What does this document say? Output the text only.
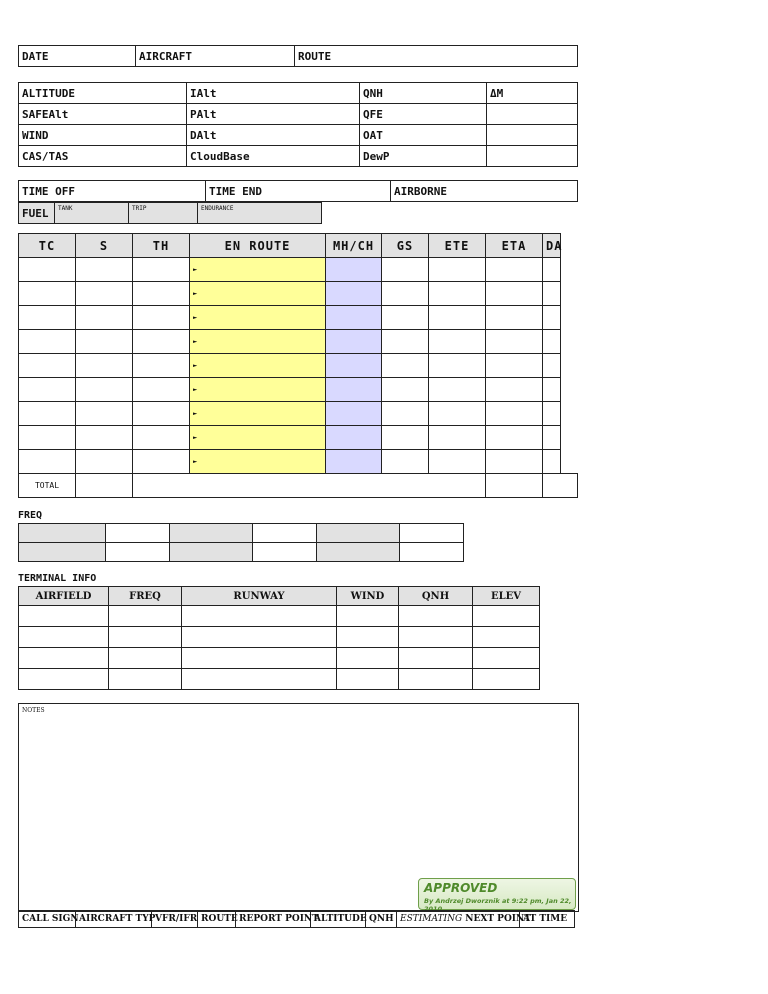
DATE	AIRCRAFT	ROUTE
ALTITUDE	IAlt	QNH	ΔM
SAFEAlt	PAlt	QFE	
WIND	DAlt	OAT	
CAS/TAS	CloudBase	DewP	
TIME OFF	TIME END	AIRBORNE
FUEL	TANK	TRIP	ENDURANCE
TC	S	TH	EN ROUTE	MH/CH	GS	ETE	ETA	DA
			►					
			►					
			►					
			►					
			►					
			►					
			►					
			►					
			►					
TOTAL								
FREQ

TERMINAL INFO
AIRFIELD	FREQ	RUNWAY	WIND	QNH	ELEV

NOTES
APPROVED
By Andrzej Dworznik at 9:22 pm, Jan 22, 2010
CALL SIGN	AIRCRAFT TYP	VFR/IFR	ROUTE	REPORT POINT	ALTITUDE	QNH	ESTIMATING NEXT POINT	AT TIME
